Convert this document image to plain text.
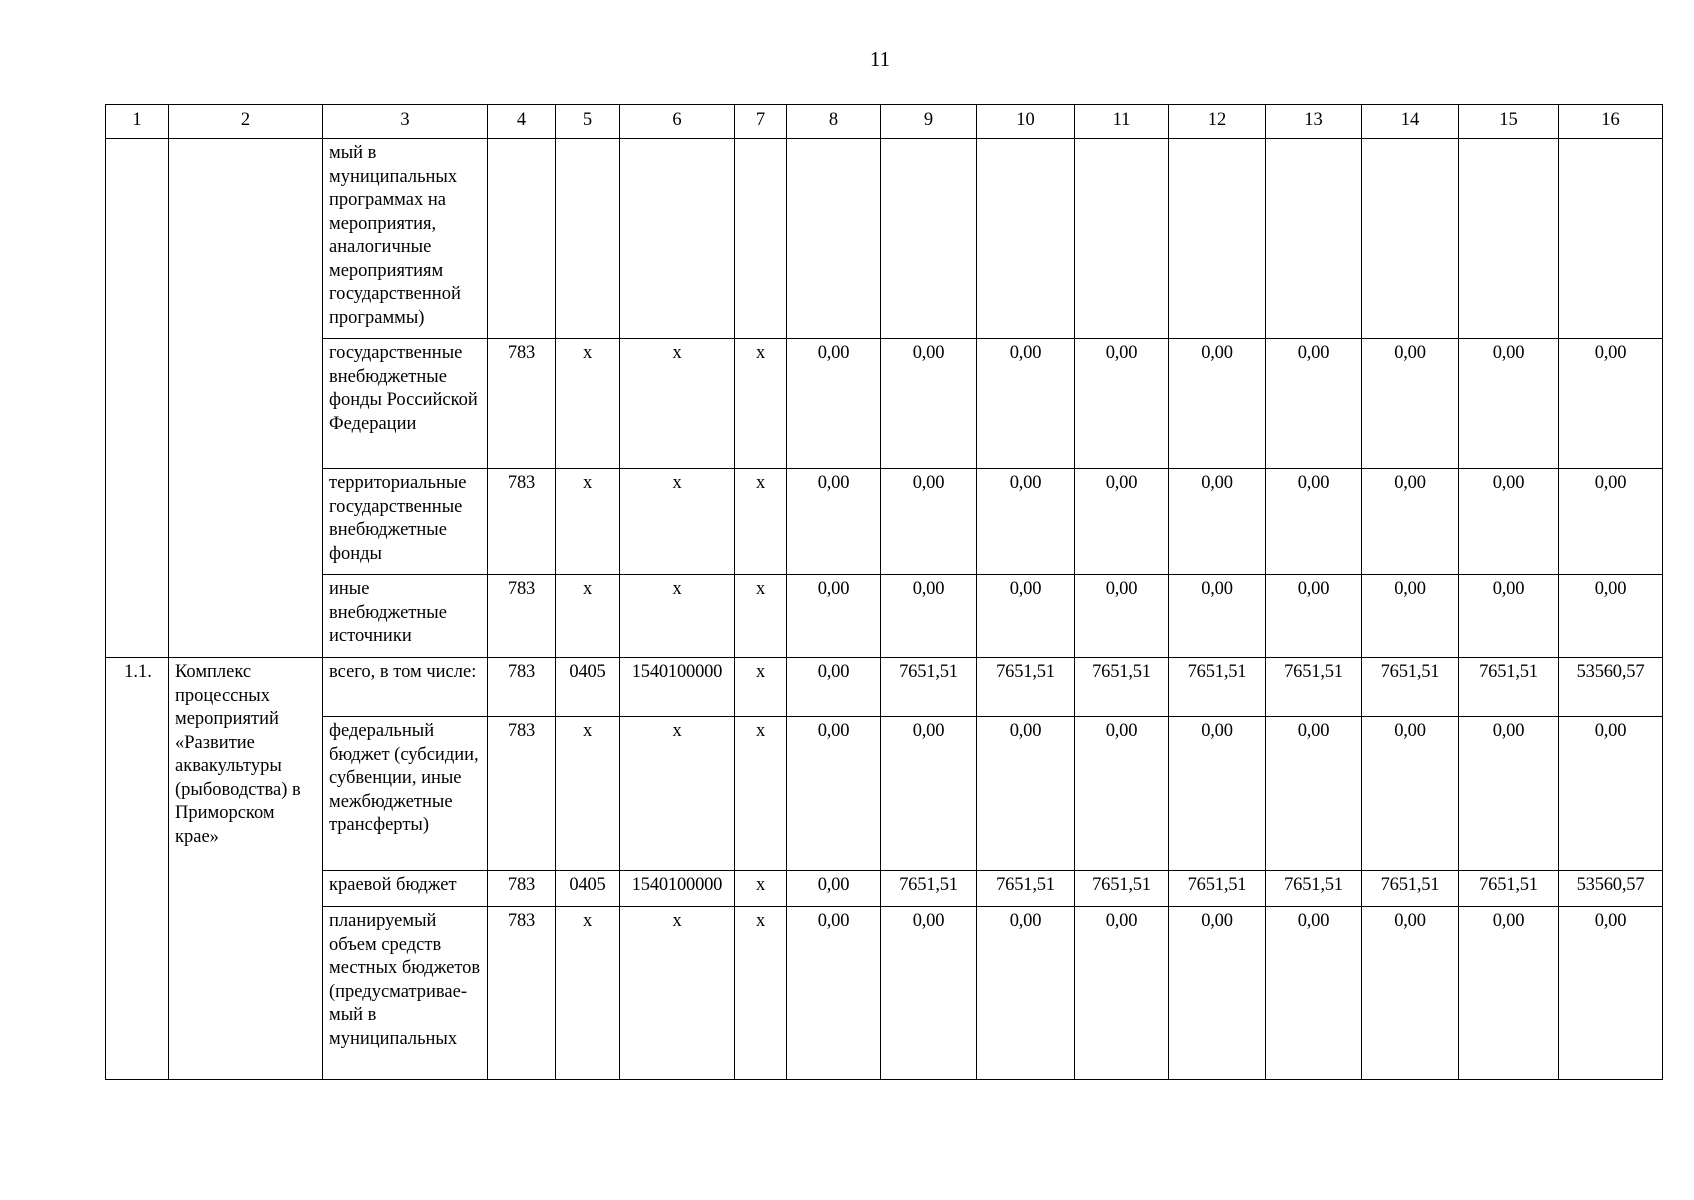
11
1	2	3	4	5	6	7	8	9	10	11	12	13	14	15	16
		мый в муниципальных программах на мероприятия, аналогичные мероприятиям государственной программы)													
		государственные внебюджетные фонды Российской Федерации	783	x	x	x	0,00	0,00	0,00	0,00	0,00	0,00	0,00	0,00	0,00
		территориальные государственные внебюджетные фонды	783	x	x	x	0,00	0,00	0,00	0,00	0,00	0,00	0,00	0,00	0,00
		иные внебюджетные источники	783	x	x	x	0,00	0,00	0,00	0,00	0,00	0,00	0,00	0,00	0,00
1.1.	Комплекс процессных мероприятий «Развитие аквакультуры (рыбоводства) в Приморском крае»	всего, в том числе:	783	0405	1540100000	x	0,00	7651,51	7651,51	7651,51	7651,51	7651,51	7651,51	7651,51	53560,57
		федеральный бюджет (субсидии, субвенции, иные межбюджетные трансферты)	783	x	x	x	0,00	0,00	0,00	0,00	0,00	0,00	0,00	0,00	0,00
		краевой бюджет	783	0405	1540100000	x	0,00	7651,51	7651,51	7651,51	7651,51	7651,51	7651,51	7651,51	53560,57
		планируемый объем средств местных бюджетов (предусматривае-мый в муниципальных	783	x	x	x	0,00	0,00	0,00	0,00	0,00	0,00	0,00	0,00	0,00
